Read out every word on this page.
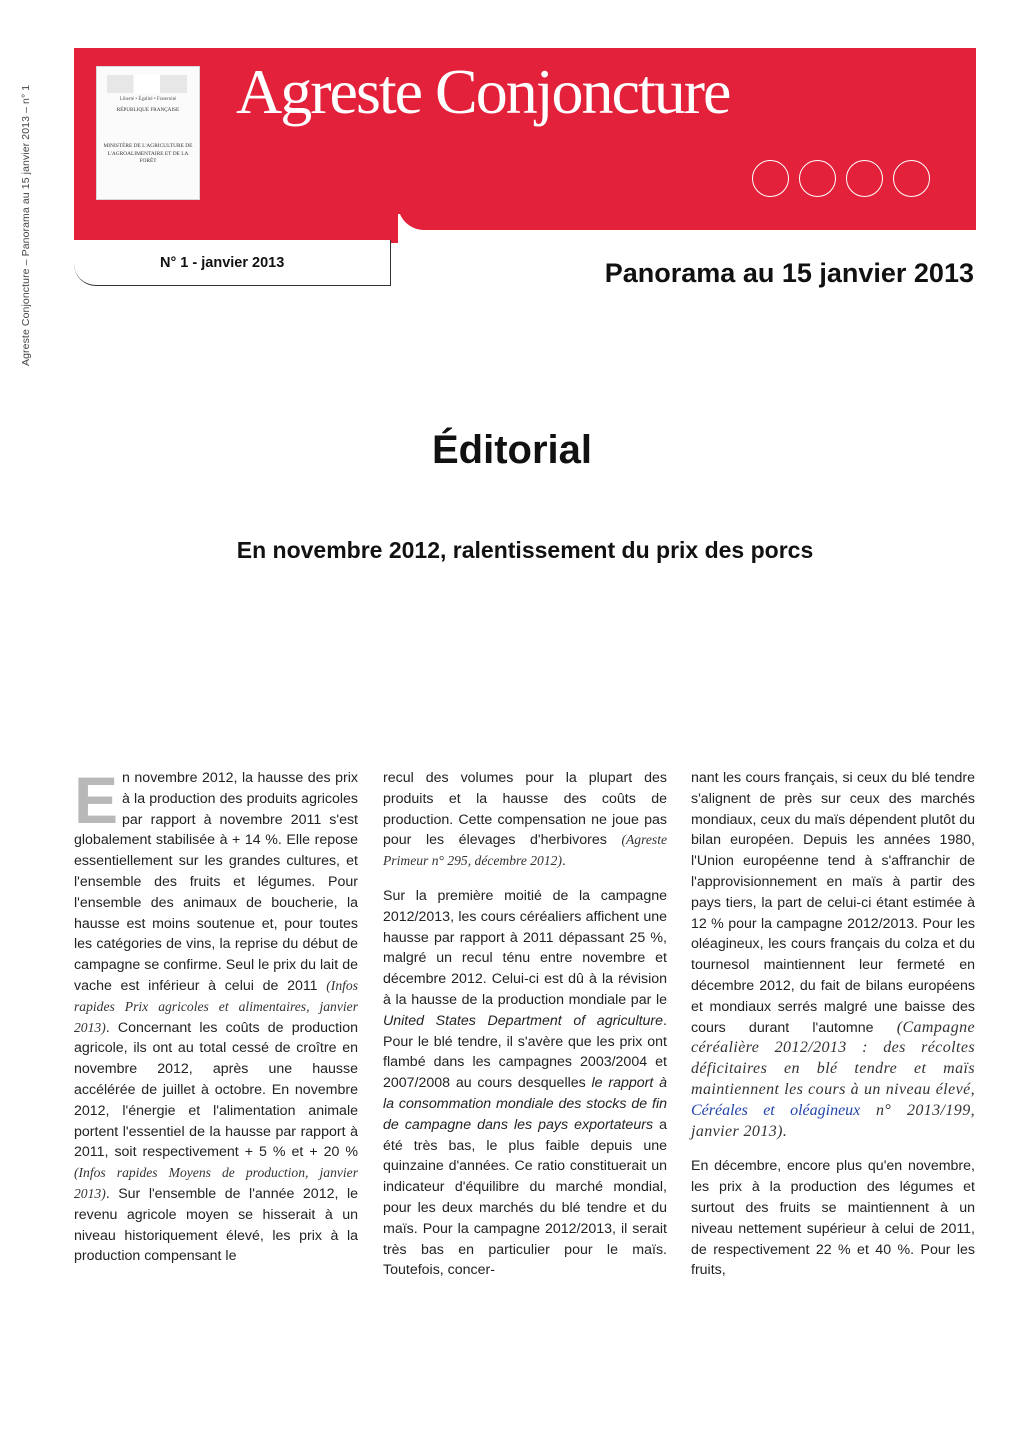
Agreste Conjoncture – Panorama au 15 janvier 2013 – n° 1	Liberté • Égalité • Fraternité
RÉPUBLIQUE FRANÇAISE
MINISTÈRE DE L'AGRICULTURE DE L'AGROALIMENTAIRE ET DE LA FORÊT
Agreste Conjoncture
N° 1 - janvier 2013	Panorama au 15 janvier 2013
Éditorial
En novembre 2012, ralentissement du prix des porcs

En novembre 2012, la hausse des prix à la production des produits agricoles par rapport à novembre 2011 s'est globalement stabilisée à + 14 %. Elle repose essentiellement sur les grandes cultures, et l'ensemble des fruits et légumes. Pour l'ensemble des animaux de boucherie, la hausse est moins soutenue et, pour toutes les catégories de vins, la reprise du début de campagne se confirme. Seul le prix du lait de vache est inférieur à celui de 2011 (Infos rapides Prix agricoles et alimentaires, janvier 2013). Concernant les coûts de production agricole, ils ont au total cessé de croître en novembre 2012, après une hausse accélérée de juillet à octobre. En novembre 2012, l'énergie et l'alimentation animale portent l'essentiel de la hausse par rapport à 2011, soit respectivement + 5 % et + 20 % (Infos rapides Moyens de production, janvier 2013). Sur l'ensemble de l'année 2012, le revenu agricole moyen se hisserait à un niveau historiquement élevé, les prix à la production compensant le

recul des volumes pour la plupart des produits et la hausse des coûts de production. Cette compensation ne joue pas pour les élevages d'herbivores (Agreste Primeur n° 295, décembre 2012).

Sur la première moitié de la campagne 2012/2013, les cours céréaliers affichent une hausse par rapport à 2011 dépassant 25 %, malgré un recul ténu entre novembre et décembre 2012. Celui-ci est dû à la révision à la hausse de la production mondiale par le United States Department of agriculture. Pour le blé tendre, il s'avère que les prix ont flambé dans les campagnes 2003/2004 et 2007/2008 au cours desquelles le rapport à la consommation mondiale des stocks de fin de campagne dans les pays exportateurs a été très bas, le plus faible depuis une quinzaine d'années. Ce ratio constituerait un indicateur d'équilibre du marché mondial, pour les deux marchés du blé tendre et du maïs. Pour la campagne 2012/2013, il serait très bas en particulier pour le maïs. Toutefois, concer-

nant les cours français, si ceux du blé tendre s'alignent de près sur ceux des marchés mondiaux, ceux du maïs dépendent plutôt du bilan européen. Depuis les années 1980, l'Union européenne tend à s'affranchir de l'approvisionnement en maïs à partir des pays tiers, la part de celui-ci étant estimée à 12 % pour la campagne 2012/2013. Pour les oléagineux, les cours français du colza et du tournesol maintiennent leur fermeté en décembre 2012, du fait de bilans européens et mondiaux serrés malgré une baisse des cours durant l'automne (Campagne céréalière 2012/2013 : des récoltes déficitaires en blé tendre et maïs maintiennent les cours à un niveau élevé, Céréales et oléagineux n° 2013/199, janvier 2013).

En décembre, encore plus qu'en novembre, les prix à la production des légumes et surtout des fruits se maintiennent à un niveau nettement supérieur à celui de 2011, de respectivement 22 % et 40 %. Pour les fruits,
